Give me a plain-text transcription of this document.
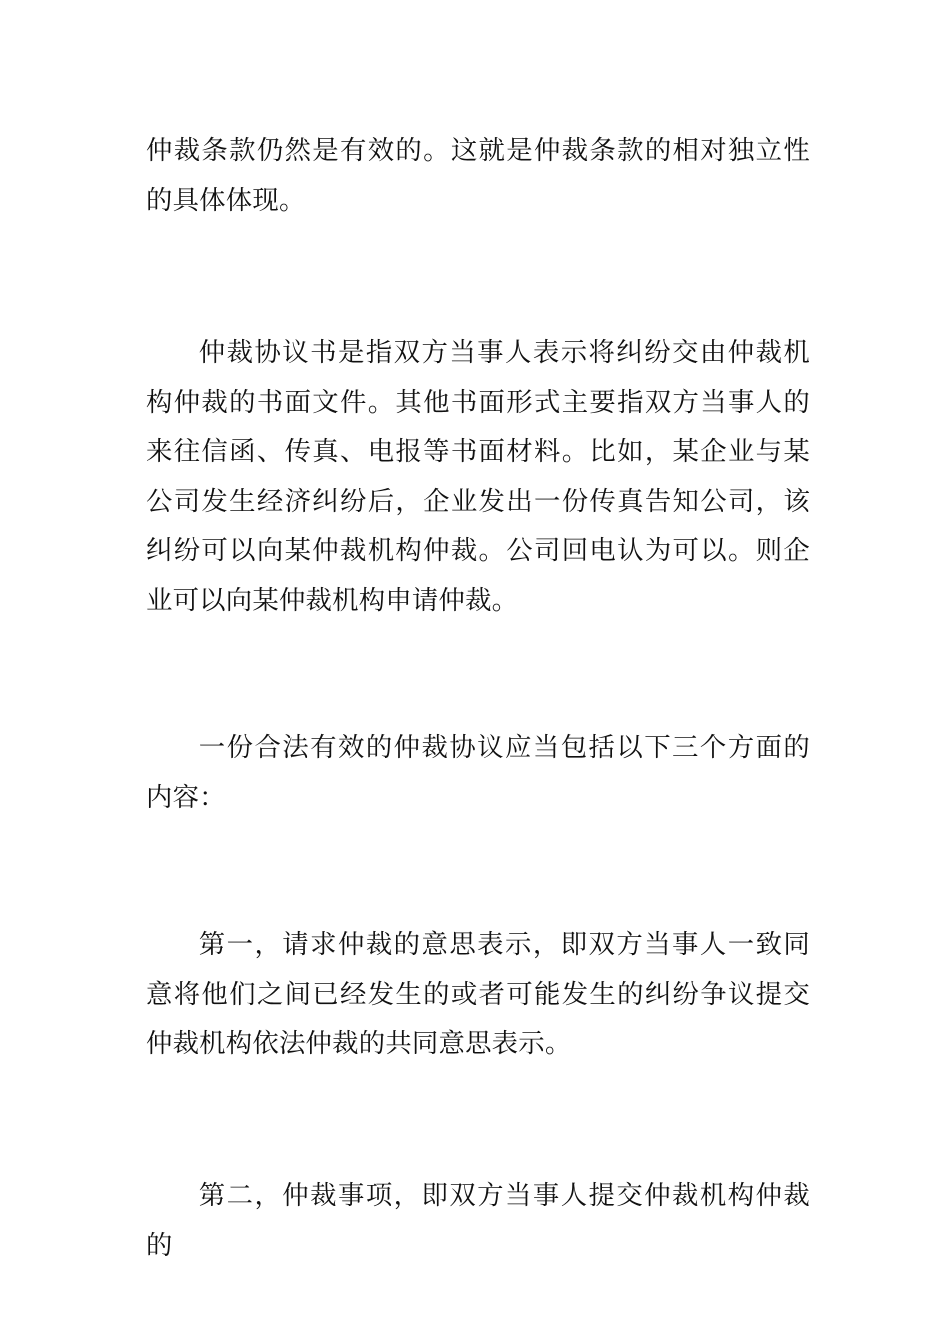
仲裁条款仍然是有效的。这就是仲裁条款的相对独立性的具体体现。

仲裁协议书是指双方当事人表示将纠纷交由仲裁机构仲裁的书面文件。其他书面形式主要指双方当事人的来往信函、传真、电报等书面材料。比如，某企业与某公司发生经济纠纷后，企业发出一份传真告知公司，该纠纷可以向某仲裁机构仲裁。公司回电认为可以。则企业可以向某仲裁机构申请仲裁。

一份合法有效的仲裁协议应当包括以下三个方面的内容：

第一，请求仲裁的意思表示，即双方当事人一致同意将他们之间已经发生的或者可能发生的纠纷争议提交仲裁机构依法仲裁的共同意思表示。

第二，仲裁事项，即双方当事人提交仲裁机构仲裁的
